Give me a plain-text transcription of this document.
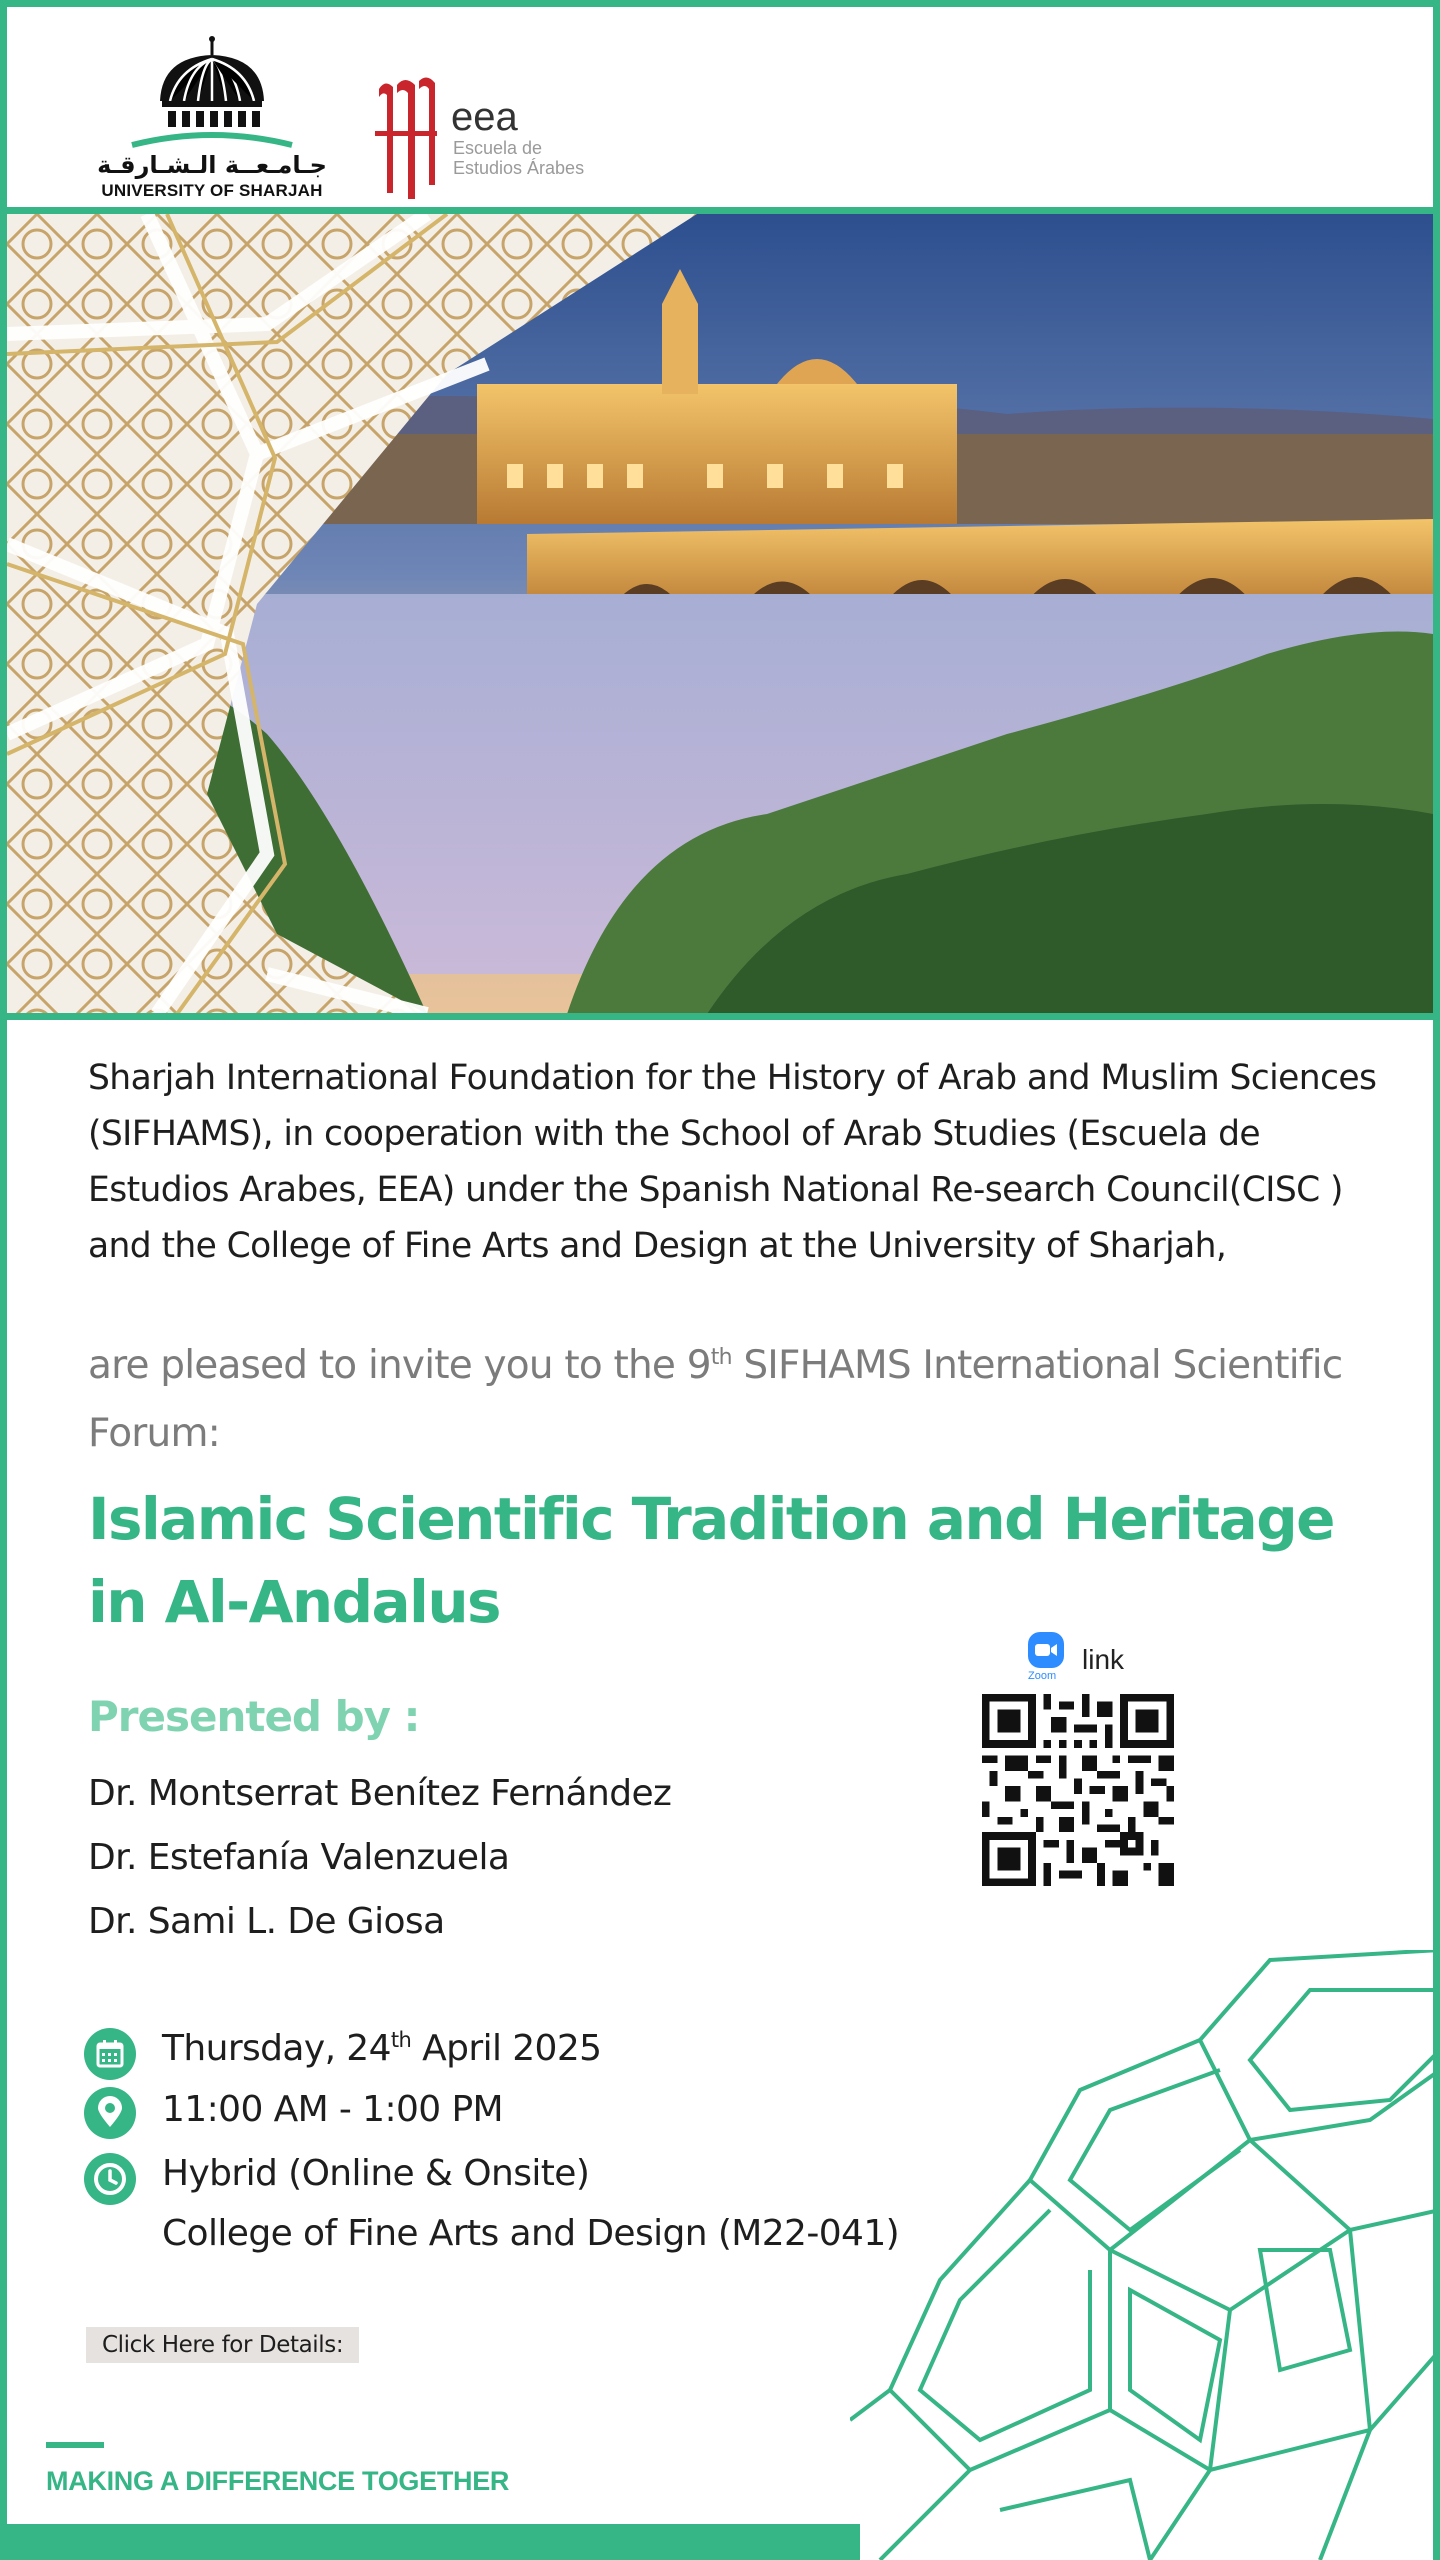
جـامـعــة الـشـارقـة
UNIVERSITY OF SHARJAH
eea
Escuela de
Estudios Árabes
Sharjah International Foundation for the History of Arab and Muslim Sciences (SIFHAMS), in cooperation with the School of Arab Studies (Escuela de Estudios Arabes, EEA) under the Spanish National Re-search Council(CISC ) and the College of Fine Arts and Design at the University of Sharjah,
are pleased to invite you to the 9th SIFHAMS International Scientific Forum:
Islamic Scientific Tradition and Heritage in Al-Andalus
Presented by :
Dr. Montserrat Benítez Fernández
Dr. Estefanía Valenzuela
Dr. Sami L. De Giosa
Zoom
link
Thursday, 24th April 2025
11:00 AM - 1:00 PM
Hybrid (Online & Onsite)
College of Fine Arts and Design (M22-041)
Click Here for Details:
MAKING A DIFFERENCE TOGETHER
